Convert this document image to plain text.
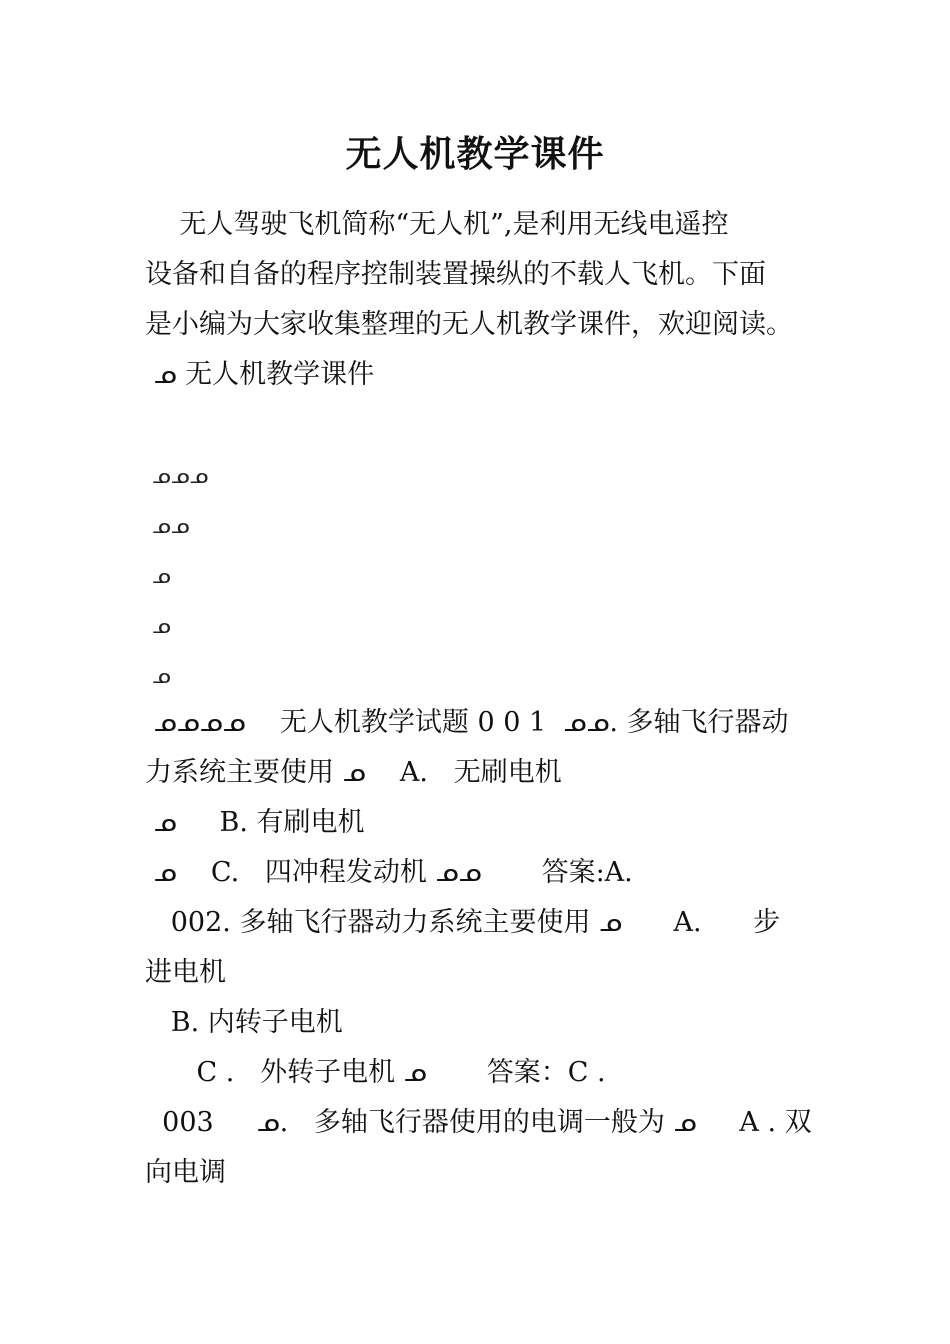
无人机教学课件
无人驾驶飞机简称“无人机”,是利用无线电遥控
设备和自备的程序控制装置操纵的不载人飞机。下面
是小编为大家收集整理的无人机教学课件，欢迎阅读。
ᓄ 无人机教学课件
ᓄᓄᓄ
ᓄᓄ
ᓄ
ᓄ
ᓄ
ᓄᓄᓄᓄ    无人机教学试题 0 0 1  ᓄᓄ. 多轴飞行器动
力系统主要使用 ᓄ    A.   无刷电机
ᓄ     B. 有刷电机
ᓄ    C.   四冲程发动机 ᓄᓄ       答案:A.
002. 多轴飞行器动力系统主要使用 ᓄ      A.      步
进电机
B. 内转子电机
C .   外转子电机 ᓄ       答案：C .
003     ᓄ.   多轴飞行器使用的电调一般为 ᓄ     A . 双
向电调
